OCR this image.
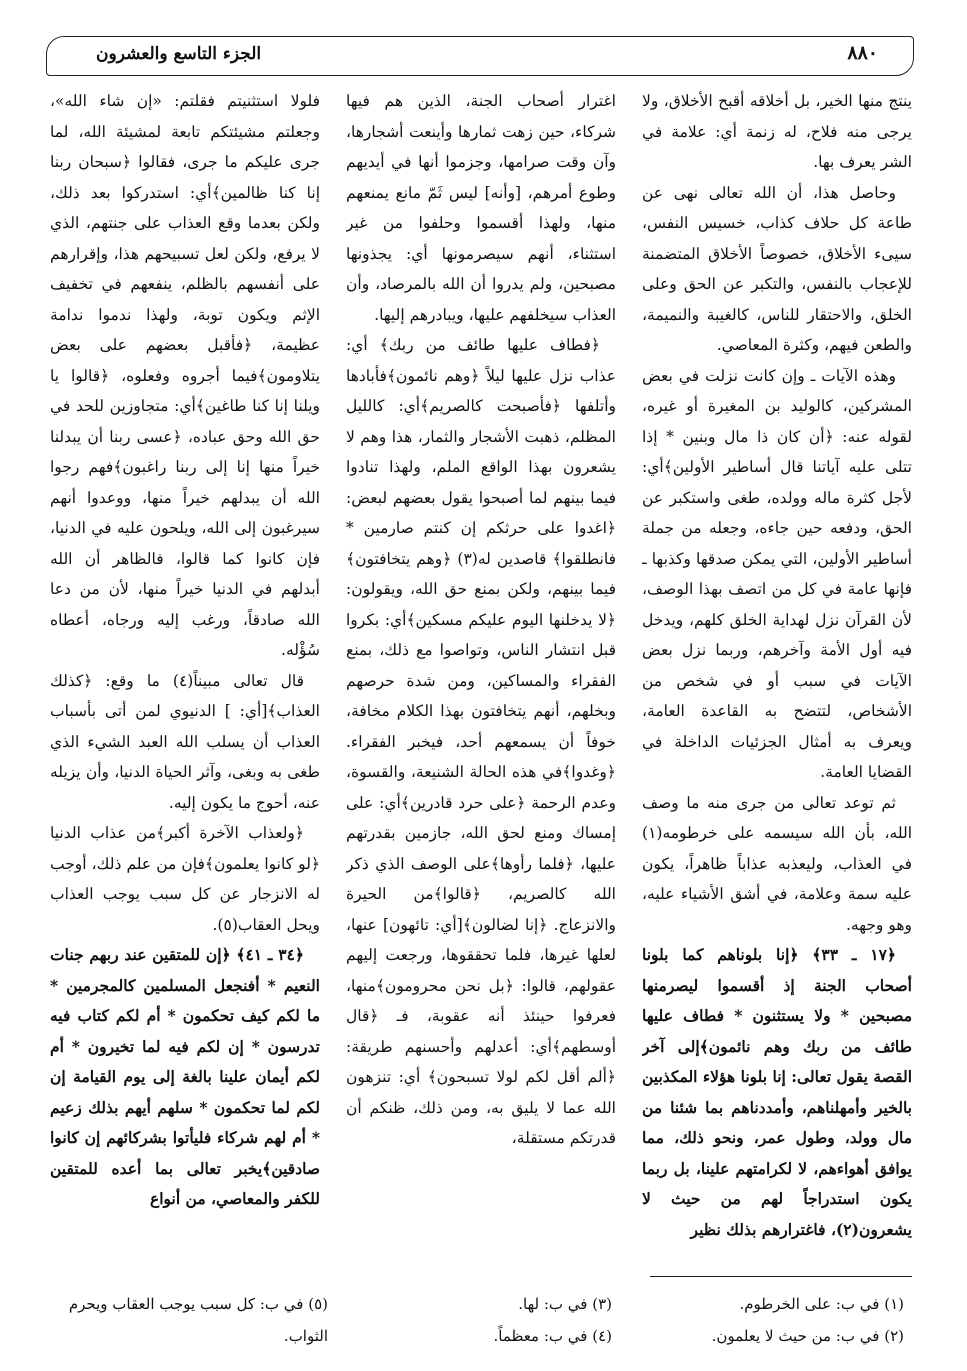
الجزء التاسع والعشرون	٨٨٠

ينتج منها الخير، بل أخلاقه أقبح الأخلاق، ولا يرجى منه فلاح، له زنمة أي: علامة في الشر يعرف بها.

وحاصل هذا، أن الله تعالى نهى عن طاعة كل حلاف كذاب، خسيس النفس، سيىء الأخلاق، خصوصاً الأخلاق المتضمنة للإعجاب بالنفس، والتكبر عن الحق وعلى الخلق، والاحتقار للناس، كالغيبة والنميمة، والطعن فيهم، وكثرة المعاصي.

وهذه الآيات ـ وإن كانت نزلت في بعض المشركين، كالوليد بن المغيرة أو غيره، لقوله عنه: ﴿أن كان ذا مال وبنين * إذا تتلى عليه آياتنا قال أساطير الأولين﴾أي: لأجل كثرة ماله وولده، طغى واستكبر عن الحق، ودفعه حين جاءه، وجعله من جملة أساطير الأولين، التي يمكن صدقها وكذبها ـ فإنها عامة في كل من اتصف بهذا الوصف، لأن القرآن نزل لهداية الخلق كلهم، ويدخل فيه أول الأمة وآخرهم، وربما نزل بعض الآيات في سبب أو في شخص من الأشخاص، لتتضح به القاعدة العامة، ويعرف به أمثال الجزئيات الداخلة في القضايا العامة.

ثم توعد تعالى من جرى منه ما وصف الله، بأن الله سيسمه على خرطومه(١) في العذاب، وليعذبه عذاباً ظاهراً، يكون عليه سمة وعلامة، في أشق الأشياء عليه، وهو وجهه.

﴿١٧ ـ ٣٣﴾ ﴿إنا بلوناهم كما بلونا أصحاب الجنة إذ أقسموا ليصرمنها مصبحين * ولا يستثنون * فطاف عليها طائف من ربك وهم نائمون﴾إلى آخر القصة يقول تعالى: إنا بلونا هؤلاء المكذبين بالخير وأمهلناهم، وأمددناهم بما شئنا من مال وولد، وطول عمر، ونحو ذلك، مما يوافق أهواءهم، لا لكرامتهم علينا، بل ربما يكون استدراجاً لهم من حيث لا يشعرون(٢)، فاغترارهم بذلك نظير

اغترار أصحاب الجنة، الذين هم فيها شركاء، حين زهت ثمارها وأينعت أشجارها، وآن وقت صرامها، وجزموا أنها في أيديهم وطوع أمرهم، [وأنه] ليس ثَمّ مانع يمنعهم منها، ولهذا أقسموا وحلفوا من غير استثناء، أنهم سيصرمونها أي: يجذونها مصبحين، ولم يدروا أن الله بالمرصاد، وأن العذاب سيخلفهم عليها، ويبادرهم إليها.

﴿فطاف عليها طائف من ربك﴾ أي: عذاب نزل عليها ليلاً ﴿وهم نائمون﴾فأبادها وأتلفها ﴿فأصبحت كالصريم﴾أي: كالليل المظلم، ذهبت الأشجار والثمار، هذا وهم لا يشعرون بهذا الواقع الملم، ولهذا تنادوا فيما بينهم لما أصبحوا يقول بعضهم لبعض: ﴿اغدوا على حرثكم إن كنتم صارمين * فانطلقوا﴾ قاصدين له(٣) ﴿وهم يتخافتون﴾فيما بينهم، ولكن بمنع حق الله، ويقولون: ﴿لا يدخلنها اليوم عليكم مسكين﴾أي: بكروا قبل انتشار الناس، وتواصوا مع ذلك، بمنع الفقراء والمساكين، ومن شدة حرصهم وبخلهم، أنهم يتخافتون بهذا الكلام مخافة، خوفاً أن يسمعهم أحد، فيخبر الفقراء. ﴿وغدوا﴾في هذه الحالة الشنيعة، والقسوة، وعدم الرحمة ﴿على حرد قادرين﴾أي: على إمساك ومنع لحق الله، جازمين بقدرتهم عليها، ﴿فلما رأوها﴾على الوصف الذي ذكر الله كالصريم، ﴿قالوا﴾من الحيرة والانزعاج. ﴿إنا لضالون﴾[أي: تائهون] عنها، لعلها غيرها، فلما تحققوها، ورجعت إليهم عقولهم، قالوا: ﴿بل نحن محرومون﴾منها، فعرفوا حينئذ أنه عقوبة، فـ ﴿قال أوسطهم﴾أي: أعدلهم وأحسنهم طريقة: ﴿ألم أقل لكم لولا تسبحون﴾ أي: تنزهون الله عما لا يليق به، ومن ذلك، ظنكم أن قدرتكم مستقلة،

فلولا استثنيتم فقلتم: «إن شاء الله»، وجعلتم مشيئتكم تابعة لمشيئة الله، لما جرى عليكم ما جرى، فقالوا ﴿سبحان ربنا إنا كنا ظالمين﴾أي: استدركوا بعد ذلك، ولكن بعدما وقع العذاب على جنتهم، الذي لا يرفع، ولكن لعل تسبيحهم هذا، وإقرارهم على أنفسهم بالظلم، ينفعهم في تخفيف الإثم ويكون توبة، ولهذا ندموا ندامة عظيمة، ﴿فأقبل بعضهم على بعض يتلاومون﴾فيما أجروه وفعلوه، ﴿قالوا يا ويلنا إنا كنا طاغين﴾أي: متجاوزين للحد في حق الله وحق عباده، ﴿عسى ربنا أن يبدلنا خيراً منها إنا إلى ربنا راغبون﴾فهم رجوا الله أن يبدلهم خيراً منها، ووعدوا أنهم سيرغبون إلى الله، ويلحون عليه في الدنيا، فإن كانوا كما قالوا، فالظاهر أن الله أبدلهم في الدنيا خيراً منها، لأن من دعا الله صادقاً، ورغب إليه ورجاه، أعطاه سُؤْله.

قال تعالى مبيناً(٤) ما وقع: ﴿كذلك العذاب﴾[أي: ] الدنيوي لمن أتى بأسباب العذاب أن يسلب الله العبد الشيء الذي طغى به وبغى، وآثر الحياة الدنيا، وأن يزيله عنه، أحوج ما يكون إليه.

﴿ولعذاب الآخرة أكبر﴾من عذاب الدنيا ﴿لو كانوا يعلمون﴾فإن من علم ذلك، أوجب له الانزجار عن كل سبب يوجب العذاب ويحل العقاب(٥).

﴿٣٤ ـ ٤١﴾ ﴿إن للمتقين عند ربهم جنات النعيم * أفنجعل المسلمين كالمجرمين * ما لكم كيف تحكمون * أم لكم كتاب فيه تدرسون * إن لكم فيه لما تخيرون * أم لكم أيمان علينا بالغة إلى يوم القيامة إن لكم لما تحكمون * سلهم أيهم بذلك زعيم * أم لهم شركاء فليأتوا بشركائهم إن كانوا صادقين﴾يخبر تعالى بما أعده للمتقين للكفر والمعاصي، من أنواع

(١) في ب: على الخرطوم.
(٢) في ب: من حيث لا يعلمون.
(٣) في ب: لها.
(٤) في ب: معظماً.
(٥) في ب: كل سبب يوجب العقاب ويحرم الثواب.
